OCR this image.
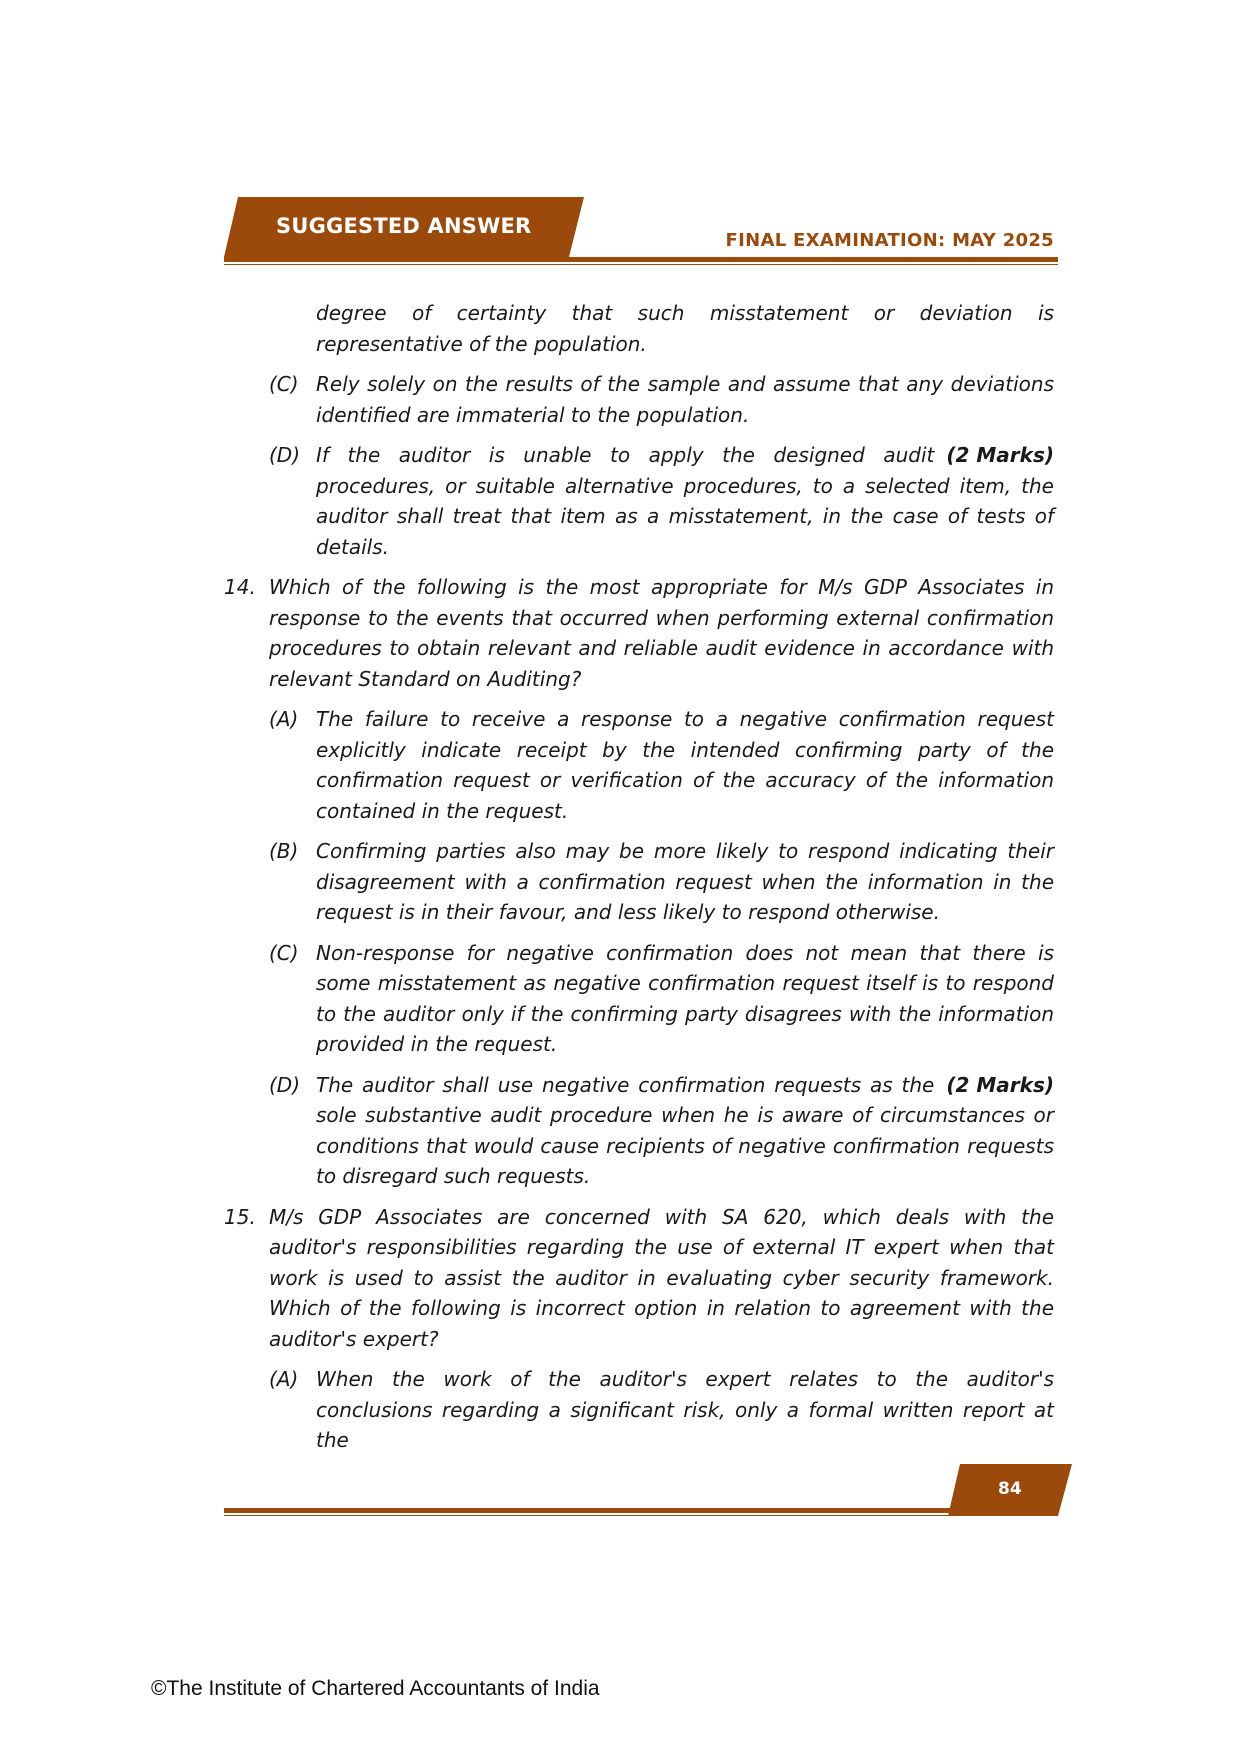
SUGGESTED ANSWER
FINAL EXAMINATION: MAY 2025

degree of certainty that such misstatement or deviation is representative of the population.

(C) Rely solely on the results of the sample and assume that any deviations identified are immaterial to the population.
(D)	(2 Marks)
If the auditor is unable to apply the designed audit procedures, or suitable alternative procedures, to a selected item, the auditor shall treat that item as a misstatement, in the case of tests of details.
14. Which of the following is the most appropriate for M/s GDP Associates in response to the events that occurred when performing external confirmation procedures to obtain relevant and reliable audit evidence in accordance with relevant Standard on Auditing?
(A) The failure to receive a response to a negative confirmation request explicitly indicate receipt by the intended confirming party of the confirmation request or verification of the accuracy of the information contained in the request.
(B) Confirming parties also may be more likely to respond indicating their disagreement with a confirmation request when the information in the request is in their favour, and less likely to respond otherwise.
(C) Non-response for negative confirmation does not mean that there is some misstatement as negative confirmation request itself is to respond to the auditor only if the confirming party disagrees with the information provided in the request.
(D)	(2 Marks)
The auditor shall use negative confirmation requests as the sole substantive audit procedure when he is aware of circumstances or conditions that would cause recipients of negative confirmation requests to disregard such requests.
15. M/s GDP Associates are concerned with SA 620, which deals with the auditor's responsibilities regarding the use of external IT expert when that work is used to assist the auditor in evaluating cyber security framework. Which of the following is incorrect option in relation to agreement with the auditor's expert?
(A) When the work of the auditor's expert relates to the auditor's conclusions regarding a significant risk, only a formal written report at the
84
©The Institute of Chartered Accountants of India
